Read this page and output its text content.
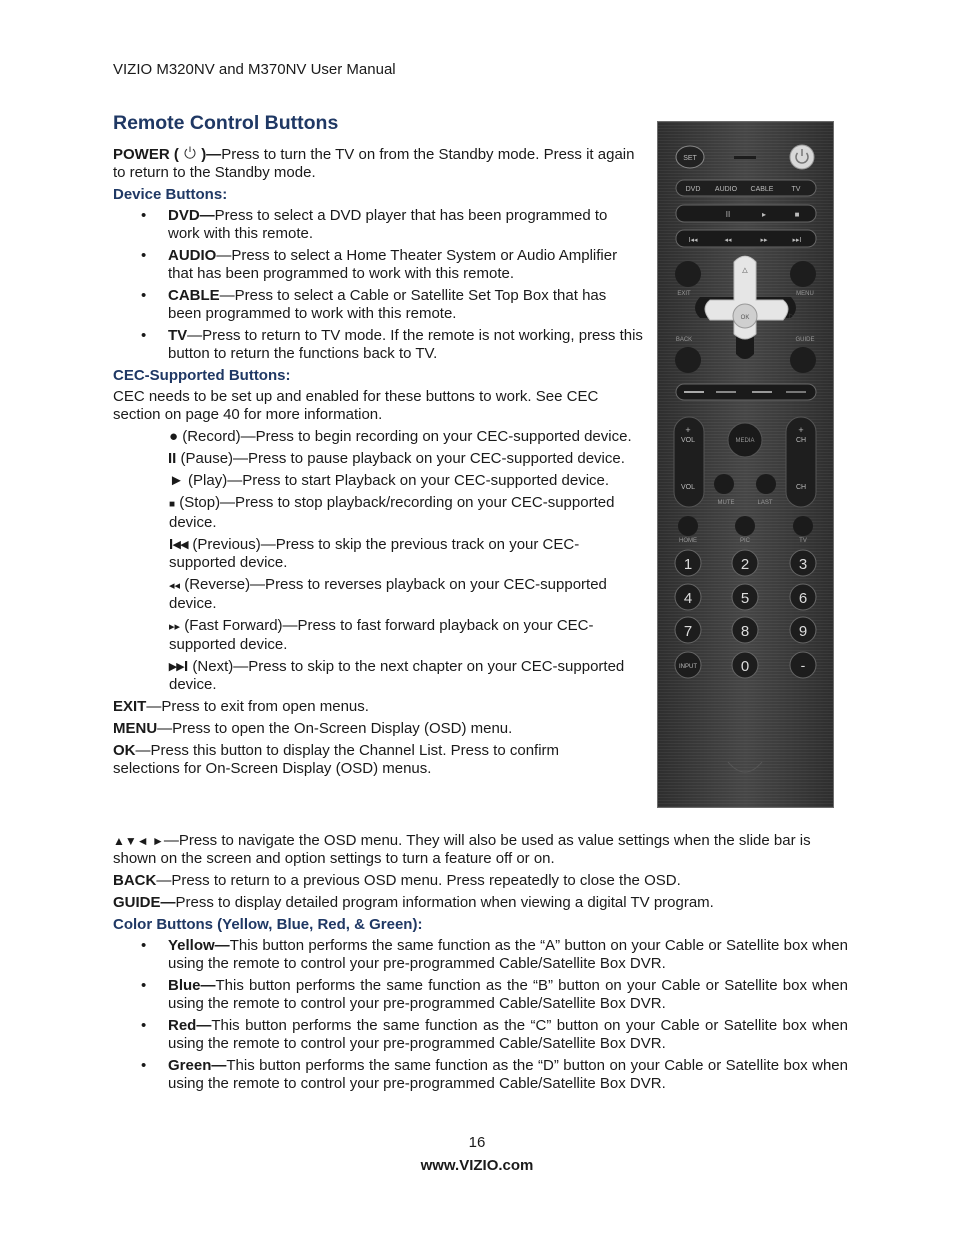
VIZIO M320NV and M370NV User Manual
Remote Control Buttons

POWER ( )—Press to turn the TV on from the Standby mode. Press it again to return to the Standby mode.

Device Buttons:

• DVD—Press to select a DVD player that has been programmed to work with this remote.
• AUDIO—Press to select a Home Theater System or Audio Amplifier that has been programmed to work with this remote.
• CABLE—Press to select a Cable or Satellite Set Top Box that has been programmed to work with this remote.
• TV—Press to return to TV mode. If the remote is not working, press this button to return the functions back to TV.

CEC-Supported Buttons:

CEC needs to be set up and enabled for these buttons to work. See CEC section on page 40 for more information.

● (Record)—Press to begin recording on your CEC-supported device.
II (Pause)—Press to pause playback on your CEC-supported device.
► (Play)—Press to start Playback on your CEC-supported device.
■ (Stop)—Press to stop playback/recording on your CEC-supported device.
I◂◂ (Previous)—Press to skip the previous track on your CEC-supported device.
◂◂ (Reverse)—Press to reverses playback on your CEC-supported device.
▸▸ (Fast Forward)—Press to fast forward playback on your CEC-supported device.
▸▸I (Next)—Press to skip to the next chapter on your CEC-supported device.

EXIT—Press to exit from open menus.

MENU—Press to open the On-Screen Display (OSD) menu.

OK—Press this button to display the Channel List. Press to confirm selections for On-Screen Display (OSD) menus.

▲▼◄ ►—Press to navigate the OSD menu. They will also be used as value settings when the slide bar is shown on the screen and option settings to turn a feature off or on.

BACK—Press to return to a previous OSD menu. Press repeatedly to close the OSD.

GUIDE—Press to display detailed program information when viewing a digital TV program.

Color Buttons (Yellow, Blue, Red, & Green):

• Yellow—This button performs the same function as the “A” button on your Cable or Satellite box when using the remote to control your pre-programmed Cable/Satellite Box DVR.
• Blue—This button performs the same function as the “B” button on your Cable or Satellite box when using the remote to control your pre-programmed Cable/Satellite Box DVR.
• Red—This button performs the same function as the “C” button on your Cable or Satellite box when using the remote to control your pre-programmed Cable/Satellite Box DVR.
• Green—This button performs the same function as the “D” button on your Cable or Satellite box when using the remote to control your pre-programmed Cable/Satellite Box DVR.
16
www.VIZIO.com
SET
DVD AUDIO CABLE	TV
II	▸	■
I◂◂	◂◂	▸▸	▸▸I
EXIT	MENU
△
▷
OK
BACK	GUIDE
+
VOL
VOL
+
CH
CH
MEDIA
MUTE	LAST
HOME	PIC	TV
1	2	3
4	5	6
7	8	9
INPUT	0	-
